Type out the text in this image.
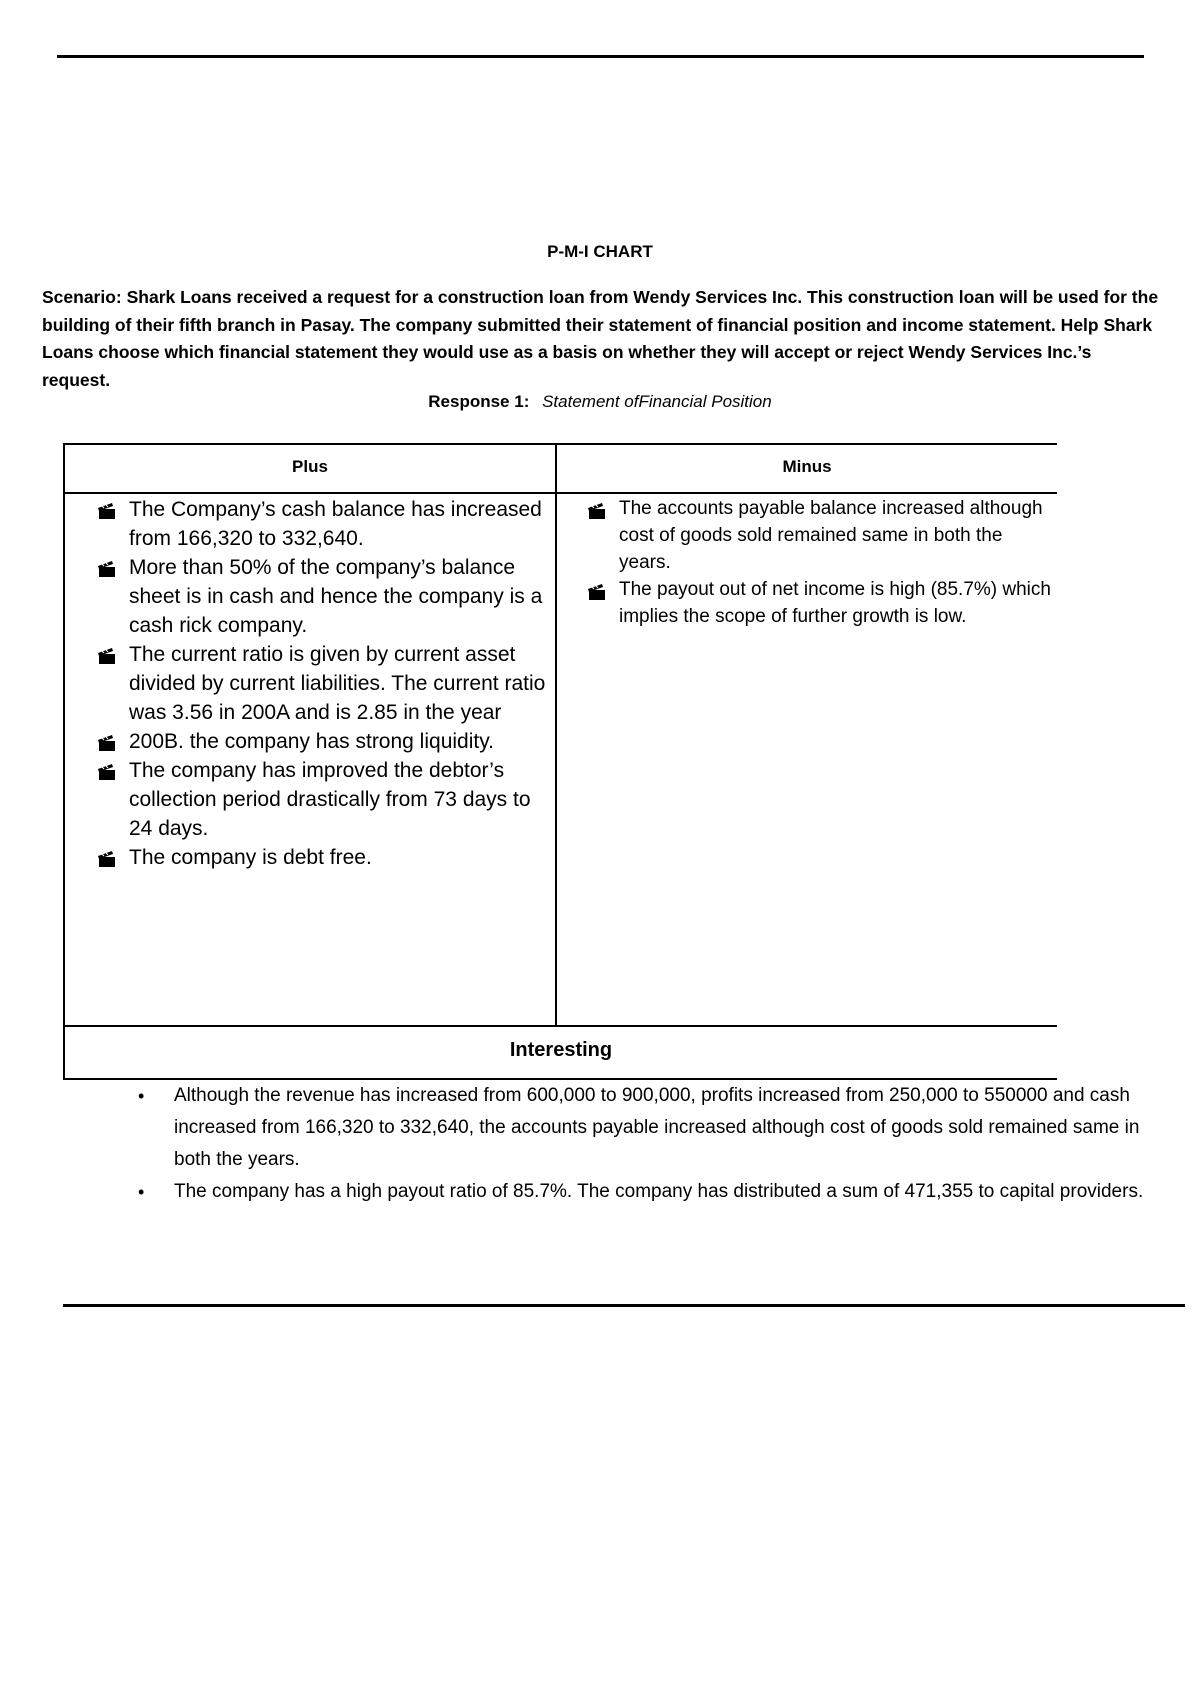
P-M-I CHART
Scenario: Shark Loans received a request for a construction loan from Wendy Services Inc. This construction loan will be used for the building of their fifth branch in Pasay. The company submitted their statement of financial position and income statement. Help Shark Loans choose which financial statement they would use as a basis on whether they will accept or reject Wendy Services Inc.’s request.
Response 1: Statement ofFinancial Position
Plus	Minus
The Company’s cash balance has increased from 166,320 to 332,640.
More than 50% of the company’s balance sheet is in cash and hence the company is a cash rick company.
The current ratio is given by current asset divided by current liabilities. The current ratio was 3.56 in 200A and is 2.85 in the year
200B. the company has strong liquidity.
The company has improved the debtor’s collection period drastically from 73 days to 24 days.
The company is debt free.
The accounts payable balance increased although cost of goods sold remained same in both the years.
The payout out of net income is high (85.7%) which implies the scope of further growth is low.
Interesting
• Although the revenue has increased from 600,000 to 900,000, profits increased from 250,000 to 550000 and cash increased from 166,320 to 332,640, the accounts payable increased although cost of goods sold remained same in both the years.
• The company has a high payout ratio of 85.7%. The company has distributed a sum of 471,355 to capital providers.
